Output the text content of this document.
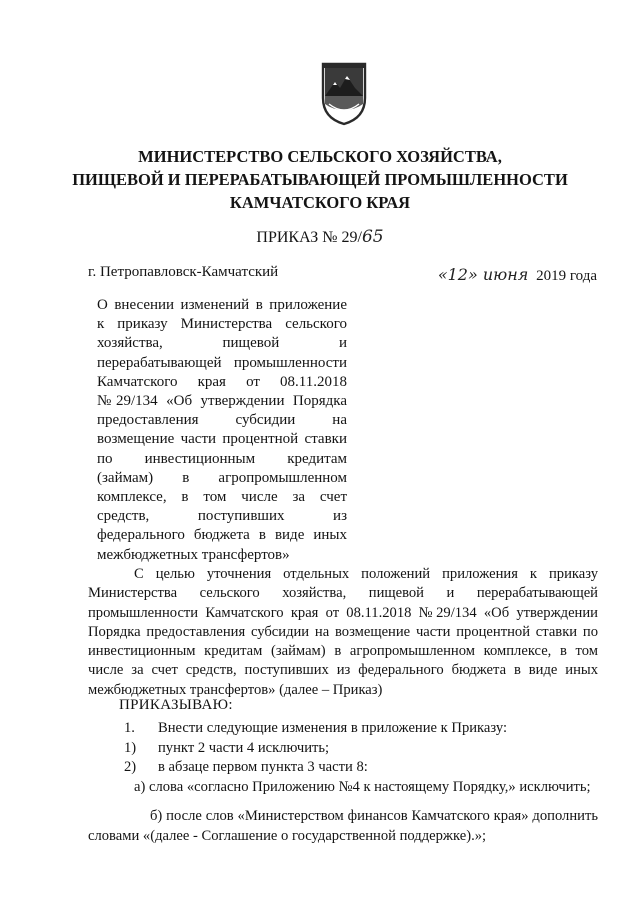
МИНИСТЕРСТВО СЕЛЬСКОГО ХОЗЯЙСТВА,
ПИЩЕВОЙ И ПЕРЕРАБАТЫВАЮЩЕЙ ПРОМЫШЛЕННОСТИ
КАМЧАТСКОГО КРАЯ
ПРИКАЗ № 29/65
г. Петропавловск-Камчатский	«12» июня 2019 года
О внесении изменений в приложение к приказу Министерства сельского хозяйства, пищевой и перерабатывающей промышленности Камчатского края от 08.11.2018 №29/134 «Об утверждении Порядка предоставления субсидии на возмещение части процентной ставки по инвестиционным кредитам (займам) в агропромышленном комплексе, в том числе за счет средств, поступивших из федерального бюджета в виде иных межбюджетных трансфертов»
С целью уточнения отдельных положений приложения к приказу Министерства сельского хозяйства, пищевой и перерабатывающей промышленности Камчатского края от 08.11.2018 №29/134 «Об утверждении Порядка предоставления субсидии на возмещение части процентной ставки по инвестиционным кредитам (займам) в агропромышленном комплексе, в том числе за счет средств, поступивших из федерального бюджета в виде иных межбюджетных трансфертов» (далее – Приказ)
ПРИКАЗЫВАЮ:
1. Внести следующие изменения в приложение к Приказу:
1) пункт 2 части 4 исключить;
2) в абзаце первом пункта 3 части 8:
а) слова «согласно Приложению №4 к настоящему Порядку,» исключить;
б) после слов «Министерством финансов Камчатского края» дополнить словами «(далее - Соглашение о государственной поддержке).»;
